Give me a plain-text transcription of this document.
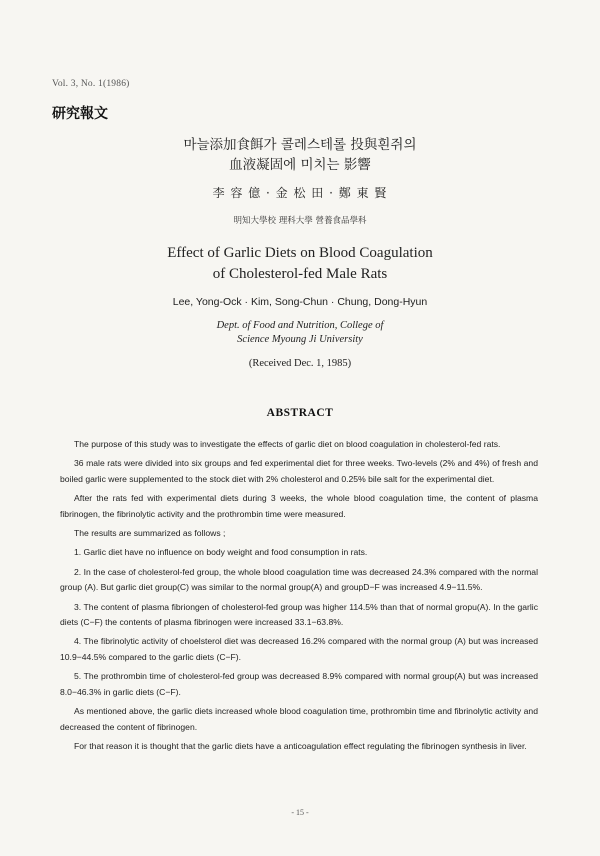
Vol. 3, No. 1(1986)
研究報文
마늘添加食餌가 콜레스테롤 投與흰쥐의
血液凝固에 미치는 影響
李 容 億 · 金 松 田 · 鄭 東 賢
明知大學校 理科大學 營養食品學科
Effect of Garlic Diets on Blood Coagulation
of Cholesterol-fed Male Rats
Lee, Yong-Ock · Kim, Song-Chun · Chung, Dong-Hyun
Dept. of Food and Nutrition, College of
Science Myoung Ji University
(Received Dec. 1, 1985)
ABSTRACT

The purpose of this study was to investigate the effects of garlic diet on blood coagulation in cholesterol-fed rats.

36 male rats were divided into six groups and fed experimental diet for three weeks. Two-levels (2% and 4%) of fresh and boiled garlic were supplemented to the stock diet with 2% cholesterol and 0.25% bile salt for the experimental diet.

After the rats fed with experimental diets during 3 weeks, the whole blood coagulation time, the content of plasma fibrinogen, the fibrinolytic activity and the prothrombin time were measured.

The results are summarized as follows ;

1. Garlic diet have no influence on body weight and food consumption in rats.

2. In the case of cholesterol-fed group, the whole blood coagulation time was decreased 24.3% compared with the normal group (A). But garlic diet group(C) was similar to the normal group(A) and groupD−F was increased 4.9−11.5%.

3. The content of plasma fibriongen of cholesterol-fed group was higher 114.5% than that of normal gropu(A). In the garlic diets (C−F) the contents of plasma fibrinogen were increased 33.1−63.8%.

4. The fibrinolytic activity of choelsterol diet was decreased 16.2% compared with the normal group (A) but was increased 10.9−44.5% compared to the garlic diets (C−F).

5. The prothrombin time of cholesterol-fed group was decreased 8.9% compared with normal group(A) but was increased 8.0−46.3% in garlic diets (C−F).

As mentioned above, the garlic diets increased whole blood coagulation time, prothrombin time and fibrinolytic activity and decreased the content of fibrinogen.

For that reason it is thought that the garlic diets have a anticoagulation effect regulating the fibrinogen synthesis in liver.

- 15 -
